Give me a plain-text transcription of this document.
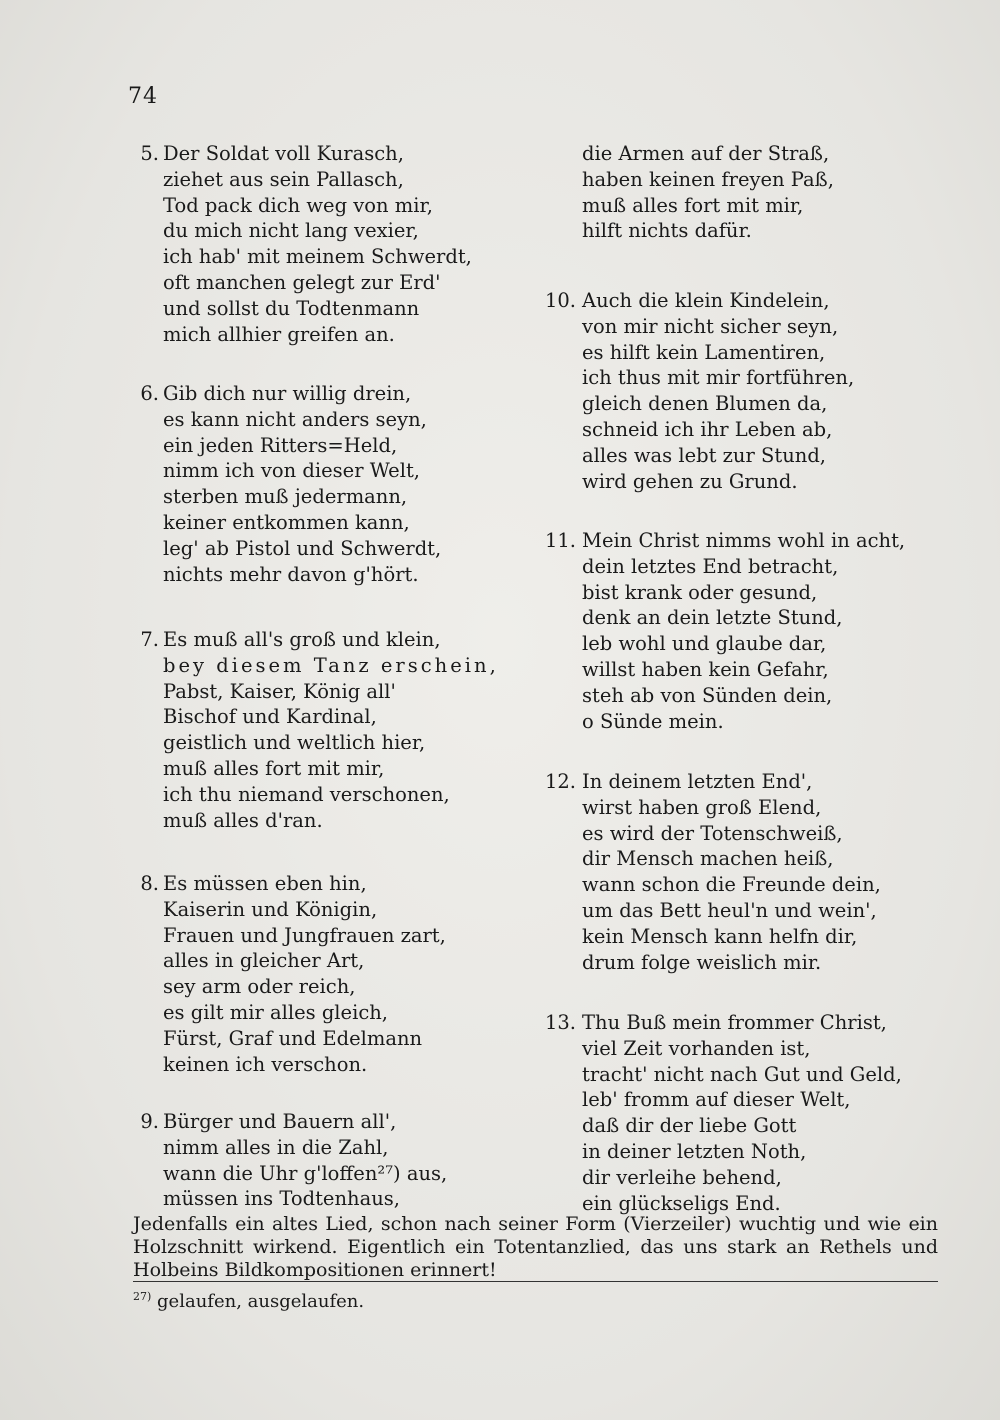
74
5. Der Soldat voll Kurasch,
ziehet aus sein Pallasch,
Tod pack dich weg von mir,
du mich nicht lang vexier,
ich hab' mit meinem Schwerdt,
oft manchen gelegt zur Erd'
und sollst du Todtenmann
mich allhier greifen an.
6. Gib dich nur willig drein,
es kann nicht anders seyn,
ein jeden Ritters=Held,
nimm ich von dieser Welt,
sterben muß jedermann,
keiner entkommen kann,
leg' ab Pistol und Schwerdt,
nichts mehr davon g'hört.
7. Es muß all's groß und klein,
bey diesem Tanz erschein,
Pabst, Kaiser, König all'
Bischof und Kardinal,
geistlich und weltlich hier,
muß alles fort mit mir,
ich thu niemand verschonen,
muß alles d'ran.
8. Es müssen eben hin,
Kaiserin und Königin,
Frauen und Jungfrauen zart,
alles in gleicher Art,
sey arm oder reich,
es gilt mir alles gleich,
Fürst, Graf und Edelmann
keinen ich verschon.
9. Bürger und Bauern all',
nimm alles in die Zahl,
wann die Uhr g'loffen²⁷) aus,
müssen ins Todtenhaus,
die Armen auf der Straß,
haben keinen freyen Paß,
muß alles fort mit mir,
hilft nichts dafür.
10. Auch die klein Kindelein,
von mir nicht sicher seyn,
es hilft kein Lamentiren,
ich thus mit mir fortführen,
gleich denen Blumen da,
schneid ich ihr Leben ab,
alles was lebt zur Stund,
wird gehen zu Grund.
11. Mein Christ nimms wohl in acht,
dein letztes End betracht,
bist krank oder gesund,
denk an dein letzte Stund,
leb wohl und glaube dar,
willst haben kein Gefahr,
steh ab von Sünden dein,
o Sünde mein.
12. In deinem letzten End',
wirst haben groß Elend,
es wird der Totenschweiß,
dir Mensch machen heiß,
wann schon die Freunde dein,
um das Bett heul'n und wein',
kein Mensch kann helfn dir,
drum folge weislich mir.
13. Thu Buß mein frommer Christ,
viel Zeit vorhanden ist,
tracht' nicht nach Gut und Geld,
leb' fromm auf dieser Welt,
daß dir der liebe Gott
in deiner letzten Noth,
dir verleihe behend,
ein glückseligs End.
Jedenfalls ein altes Lied, schon nach seiner Form (Vierzeiler) wuchtig und wie ein Holzschnitt wirkend. Eigentlich ein Totentanzlied, das uns stark an Rethels und Holbeins Bildkompositionen erinnert!
$^{27)}$ gelaufen, ausgelaufen.
